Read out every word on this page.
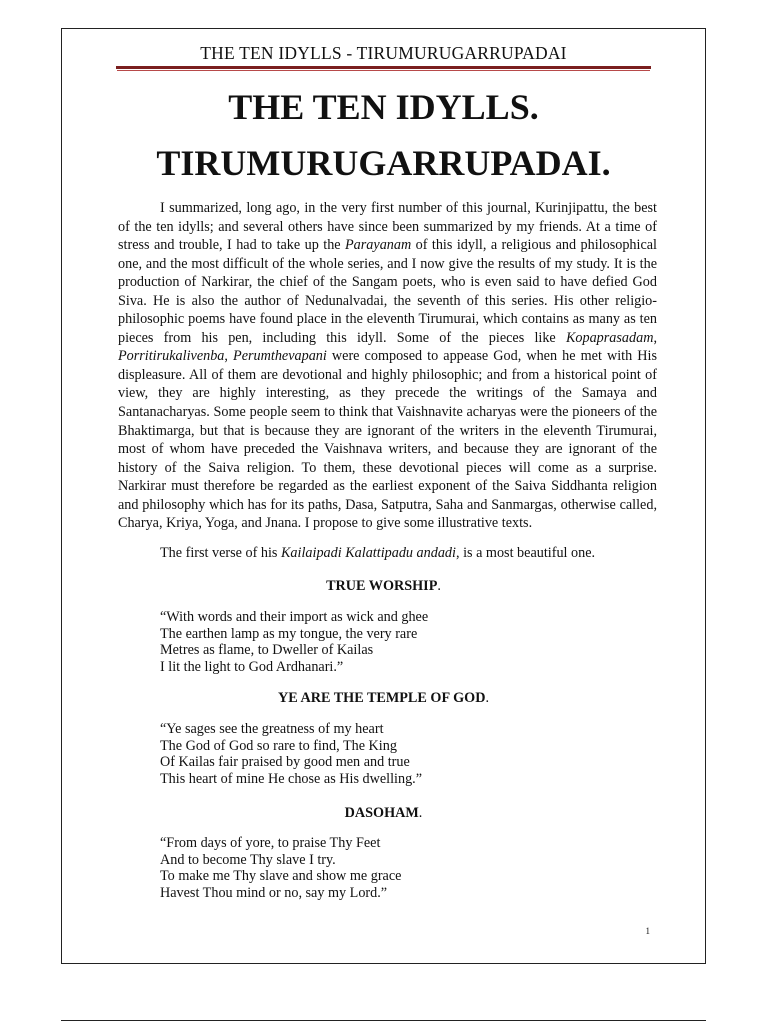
THE TEN IDYLLS - TIRUMURUGARRUPADAI
THE TEN IDYLLS.
TIRUMURUGARRUPADAI.

I summarized, long ago, in the very first number of this journal, Kurinjipattu, the best of the ten idylls; and several others have since been summarized by my friends. At a time of stress and trouble, I had to take up the Parayanam of this idyll, a religious and philosophical one, and the most difficult of the whole series, and I now give the results of my study. It is the production of Narkirar, the chief of the Sangam poets, who is even said to have defied God Siva. He is also the author of Nedunalvadai, the seventh of this series. His other religio-philosophic poems have found place in the eleventh Tirumurai, which contains as many as ten pieces from his pen, including this idyll. Some of the pieces like Kopaprasadam, Porritirukalivenba, Perumthevapani were composed to appease God, when he met with His displeasure. All of them are devotional and highly philosophic; and from a historical point of view, they are highly interesting, as they precede the writings of the Samaya and Santanacharyas. Some people seem to think that Vaishnavite acharyas were the pioneers of the Bhaktimarga, but that is because they are ignorant of the writers in the eleventh Tirumurai, most of whom have preceded the Vaishnava writers, and because they are ignorant of the history of the Saiva religion. To them, these devotional pieces will come as a surprise. Narkirar must therefore be regarded as the earliest exponent of the Saiva Siddhanta religion and philosophy which has for its paths, Dasa, Satputra, Saha and Sanmargas, otherwise called, Charya, Kriya, Yoga, and Jnana. I propose to give some illustrative texts.

The first verse of his Kailaipadi Kalattipadu andadi, is a most beautiful one.
TRUE WORSHIP.
“With words and their import as wick and ghee
The earthen lamp as my tongue, the very rare
Metres as flame, to Dweller of Kailas
I lit the light to God Ardhanari.”
YE ARE THE TEMPLE OF GOD.
“Ye sages see the greatness of my heart
The God of God so rare to find, The King
Of Kailas fair praised by good men and true
This heart of mine He chose as His dwelling.”
DASOHAM.
“From days of yore, to praise Thy Feet
And to become Thy slave I try.
To make me Thy slave and show me grace
Havest Thou mind or no, say my Lord.”
1
